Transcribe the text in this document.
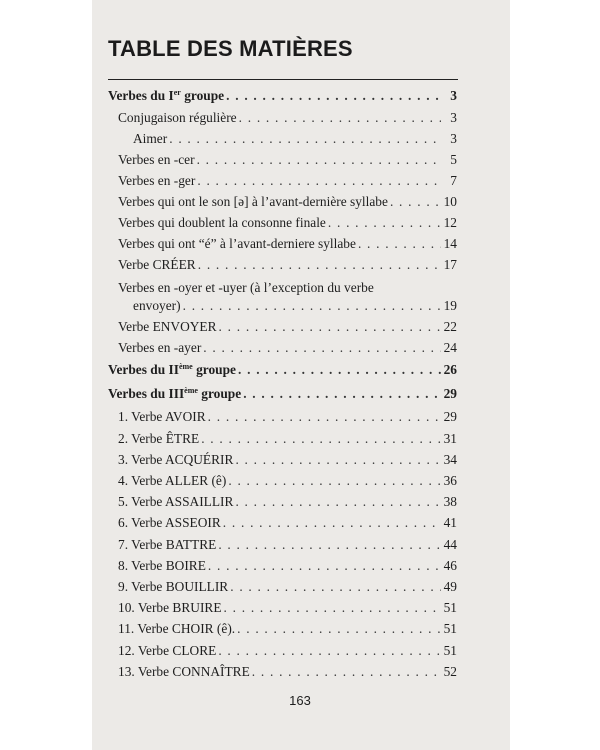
TABLE DES MATIÈRES
Verbes du Ier groupe . . .	3
Conjugaison régulière . . .	3
Aimer . . .	3
Verbes en -cer . . .	5
Verbes en -ger . . .	7
Verbes qui ont le son [ə] à l’avant-dernière syllabe . . .	10
Verbes qui doublent la consonne finale . . .	12
Verbes qui ont “é” à l’avant-derniere syllabe . . .	14
Verbe CRÉER . . .	17
Verbes en -oyer et -uyer (à l’exception du verbe
envoyer) . . .	19
Verbe ENVOYER . . .	22
Verbes en -ayer . . .	24
Verbes du IIème groupe . . .	26
Verbes du IIIème groupe . . .	29
1. Verbe AVOIR . . .	29
2. Verbe ÊTRE . . .	31
3. Verbe ACQUÉRIR . . .	34
4. Verbe ALLER (ê) . . .	36
5. Verbe ASSAILLIR . . .	38
6. Verbe ASSEOIR . . .	41
7. Verbe BATTRE . . .	44
8. Verbe BOIRE . . .	46
9. Verbe BOUILLIR . . .	49
10. Verbe BRUIRE . . .	51
11. Verbe CHOIR (ê). . . .	51
12. Verbe CLORE . . .	51
13. Verbe CONNAÎTRE . . .	52
163
